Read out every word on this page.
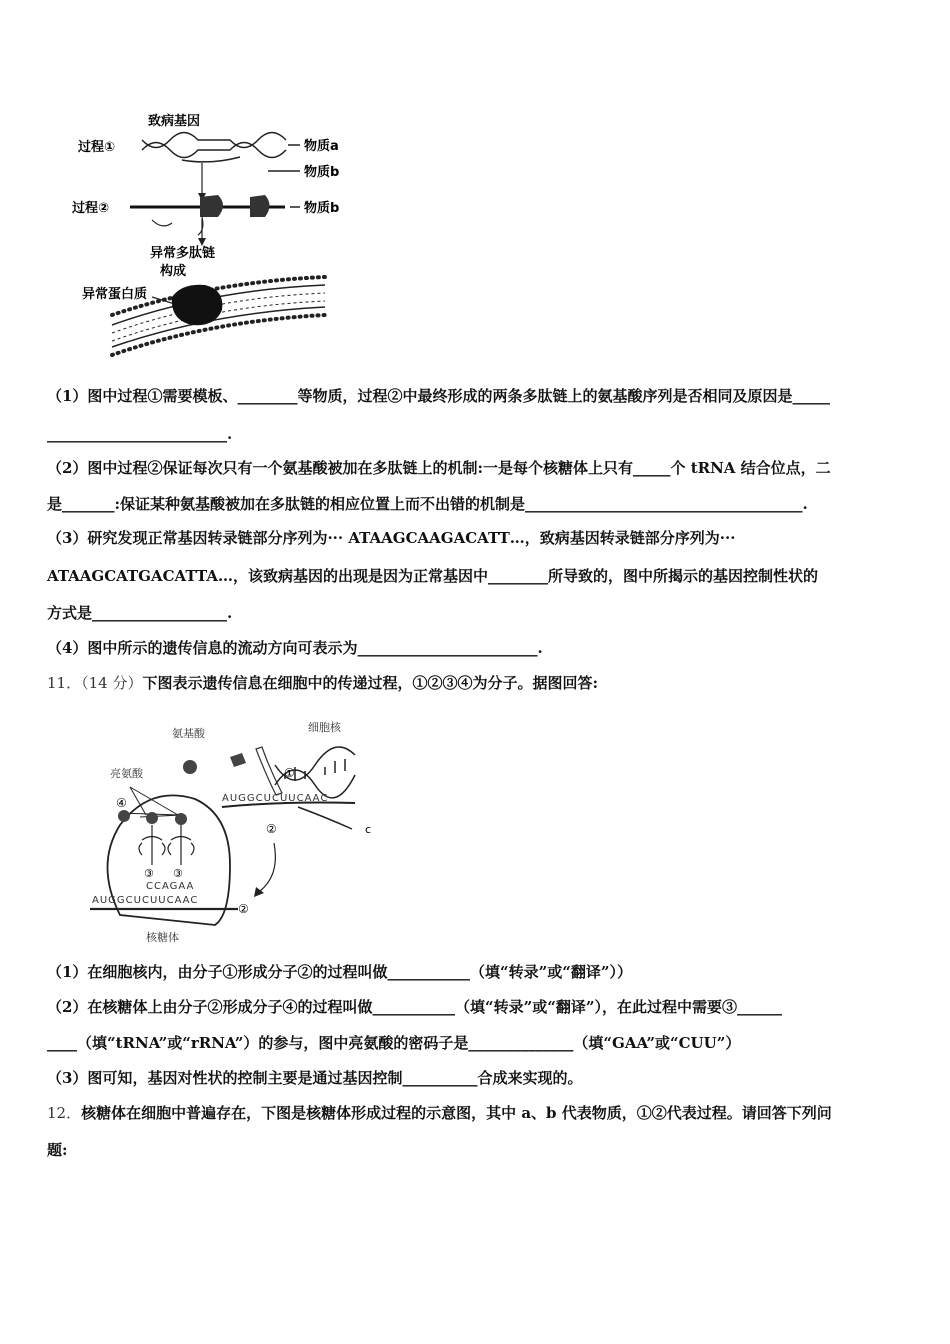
致病基因
过程①	物质a
物质b
过程②	物质b
异常多肽链
构成
异常蛋白质
（1）图中过程①需要模板、________等物质，过程②中最终形成的两条多肽链上的氨基酸序列是否相同及原因是_____
________________________.
（2）图中过程②保证每次只有一个氨基酸被加在多肽链上的机制:一是每个核糖体上只有_____个 tRNA 结合位点，二
是_______:保证某种氨基酸被加在多肽链的相应位置上而不出错的机制是_____________________________________.
（3）研究发现正常基因转录链部分序列为··· ATAAGCAAGACATT…，致病基因转录链部分序列为···
ATAAGCATGACATTA…，该致病基因的出现是因为正常基因中________所导致的，图中所揭示的基因控制性状的
方式是__________________.
（4）图中所示的遗传信息的流动方向可表示为________________________.
11．（14 分）下图表示遗传信息在细胞中的传递过程，①②③④为分子。据图回答:
氨基酸	细胞核
亮氨酸	①
AUGGCUCUUCAAC
c
②
④
③ ③
CCAGAA
AUGGCUCUUCAAC
②
核糖体
（1）在细胞核内，由分子①形成分子②的过程叫做___________（填“转录”或“翻译”））
（2）在核糖体上由分子②形成分子④的过程叫做___________（填“转录”或“翻译”），在此过程中需要③______
____（填“tRNA”或“rRNA”）的参与，图中亮氨酸的密码子是______________（填“GAA”或“CUU”）
（3）图可知，基因对性状的控制主要是通过基因控制__________合成来实现的。
12．核糖体在细胞中普遍存在，下图是核糖体形成过程的示意图，其中 a、b 代表物质，①②代表过程。请回答下列问
题:
